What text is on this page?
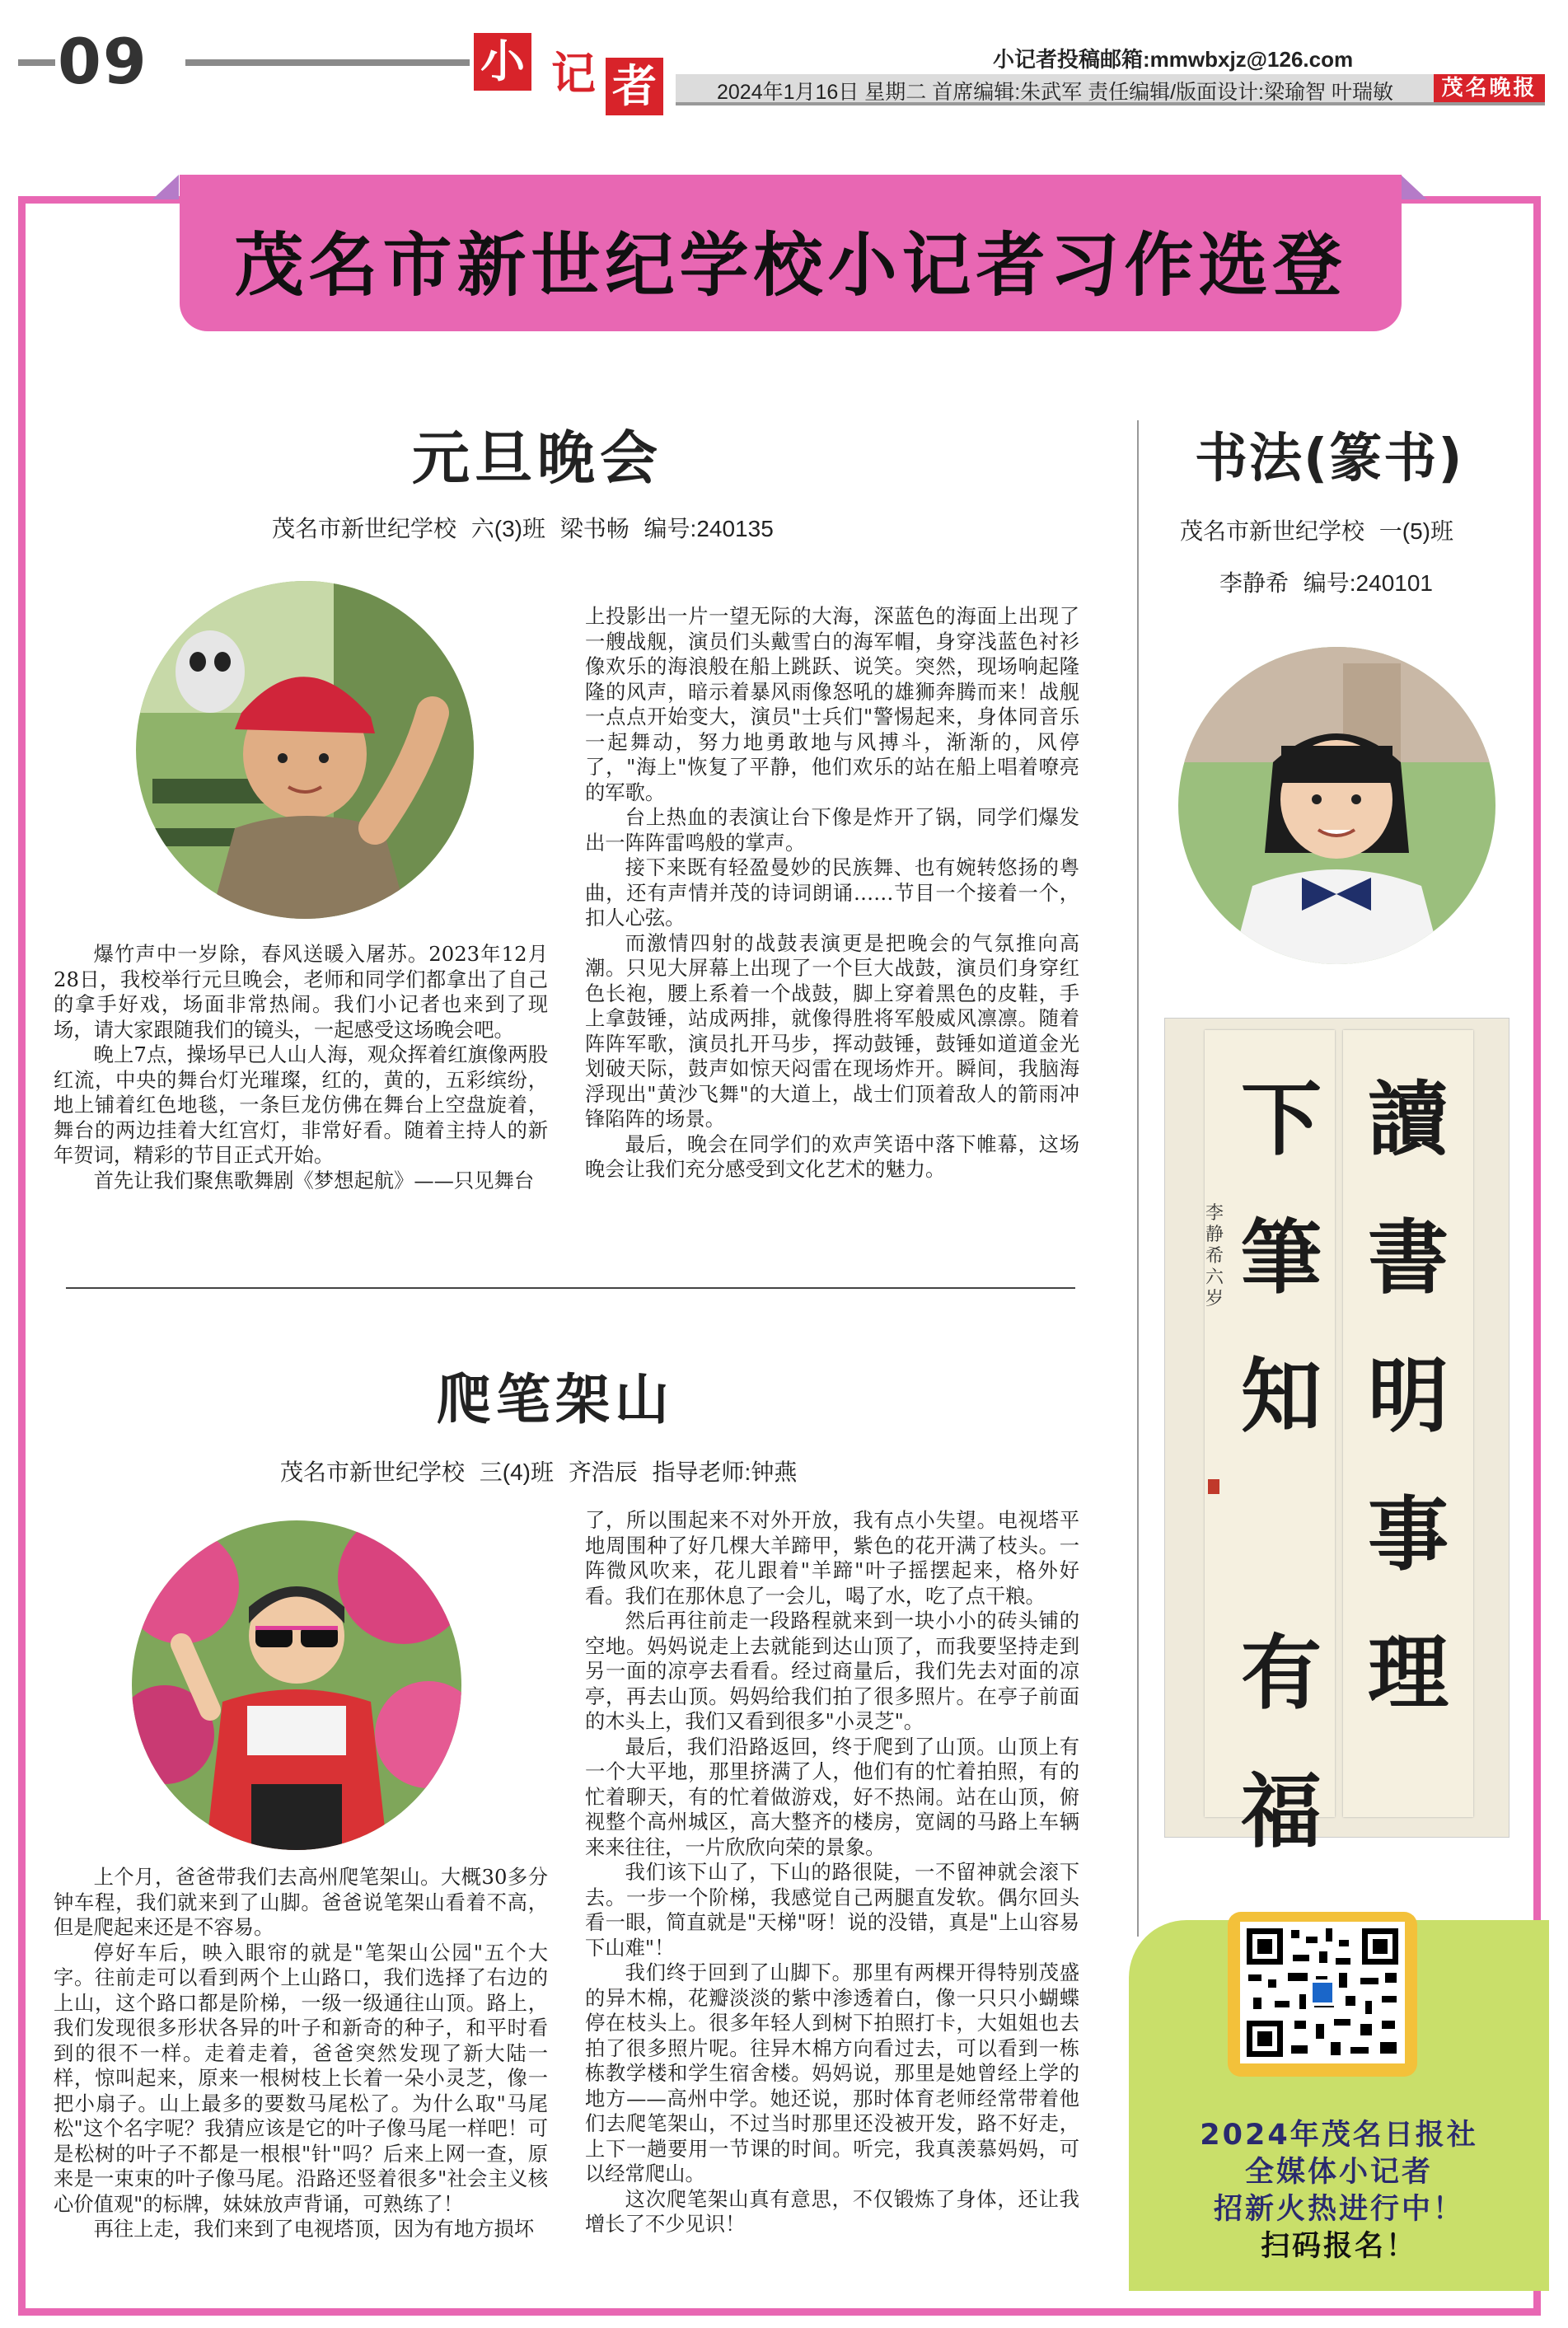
09	小 记 者
小记者投稿邮箱:mmwbxjz@126.com
2024年1月16日 星期二 首席编辑:朱武军 责任编辑/版面设计:梁瑜智 叶瑞敏	茂名晚报
茂名市新世纪学校小记者习作选登
元旦晚会
茂名市新世纪学校 六(3)班 梁书畅 编号:240135

爆竹声中一岁除，春风送暖入屠苏。2023年12月28日，我校举行元旦晚会，老师和同学们都拿出了自己的拿手好戏，场面非常热闹。我们小记者也来到了现场，请大家跟随我们的镜头，一起感受这场晚会吧。

晚上7点，操场早已人山人海，观众挥着红旗像两股红流，中央的舞台灯光璀璨，红的，黄的，五彩缤纷，地上铺着红色地毯，一条巨龙仿佛在舞台上空盘旋着，舞台的两边挂着大红宫灯，非常好看。随着主持人的新年贺词，精彩的节目正式开始。

首先让我们聚焦歌舞剧《梦想起航》——只见舞台

上投影出一片一望无际的大海，深蓝色的海面上出现了一艘战舰，演员们头戴雪白的海军帽，身穿浅蓝色衬衫像欢乐的海浪般在船上跳跃、说笑。突然，现场响起隆隆的风声，暗示着暴风雨像怒吼的雄狮奔腾而来！战舰一点点开始变大，演员"士兵们"警惕起来，身体同音乐一起舞动，努力地勇敢地与风搏斗，渐渐的，风停了，"海上"恢复了平静，他们欢乐的站在船上唱着嘹亮的军歌。

台上热血的表演让台下像是炸开了锅，同学们爆发出一阵阵雷鸣般的掌声。

接下来既有轻盈曼妙的民族舞、也有婉转悠扬的粤曲，还有声情并茂的诗词朗诵……节目一个接着一个，扣人心弦。

而激情四射的战鼓表演更是把晚会的气氛推向高潮。只见大屏幕上出现了一个巨大战鼓，演员们身穿红色长袍，腰上系着一个战鼓，脚上穿着黑色的皮鞋，手上拿鼓锤，站成两排，就像得胜将军般威风凛凛。随着阵阵军歌，演员扎开马步，挥动鼓锤，鼓锤如道道金光划破天际，鼓声如惊天闷雷在现场炸开。瞬间，我脑海浮现出"黄沙飞舞"的大道上，战士们顶着敌人的箭雨冲锋陷阵的场景。

最后，晚会在同学们的欢声笑语中落下帷幕，这场晚会让我们充分感受到文化艺术的魅力。

爬笔架山
茂名市新世纪学校 三(4)班 齐浩辰 指导老师:钟燕

上个月，爸爸带我们去高州爬笔架山。大概30多分钟车程，我们就来到了山脚。爸爸说笔架山看着不高，但是爬起来还是不容易。

停好车后，映入眼帘的就是"笔架山公园"五个大字。往前走可以看到两个上山路口，我们选择了右边的上山，这个路口都是阶梯，一级一级通往山顶。路上，我们发现很多形状各异的叶子和新奇的种子，和平时看到的很不一样。走着走着，爸爸突然发现了新大陆一样，惊叫起来，原来一根树枝上长着一朵小灵芝，像一把小扇子。山上最多的要数马尾松了。为什么取"马尾松"这个名字呢？我猜应该是它的叶子像马尾一样吧！可是松树的叶子不都是一根根"针"吗？后来上网一查，原来是一束束的叶子像马尾。沿路还竖着很多"社会主义核心价值观"的标牌，妹妹放声背诵，可熟练了！

再往上走，我们来到了电视塔顶，因为有地方损坏

了，所以围起来不对外开放，我有点小失望。电视塔平地周围种了好几棵大羊蹄甲，紫色的花开满了枝头。一阵微风吹来，花儿跟着"羊蹄"叶子摇摆起来，格外好看。我们在那休息了一会儿，喝了水，吃了点干粮。

然后再往前走一段路程就来到一块小小的砖头铺的空地。妈妈说走上去就能到达山顶了，而我要坚持走到另一面的凉亭去看看。经过商量后，我们先去对面的凉亭，再去山顶。妈妈给我们拍了很多照片。在亭子前面的木头上，我们又看到很多"小灵芝"。

最后，我们沿路返回，终于爬到了山顶。山顶上有一个大平地，那里挤满了人，他们有的忙着拍照，有的忙着聊天，有的忙着做游戏，好不热闹。站在山顶，俯视整个高州城区，高大整齐的楼房，宽阔的马路上车辆来来往往，一片欣欣向荣的景象。

我们该下山了，下山的路很陡，一不留神就会滚下去。一步一个阶梯，我感觉自己两腿直发软。偶尔回头看一眼，简直就是"天梯"呀！说的没错，真是"上山容易下山难"！

我们终于回到了山脚下。那里有两棵开得特别茂盛的异木棉，花瓣淡淡的紫中渗透着白，像一只只小蝴蝶停在枝头上。很多年轻人到树下拍照打卡，大姐姐也去拍了很多照片呢。往异木棉方向看过去，可以看到一栋栋教学楼和学生宿舍楼。妈妈说，那里是她曾经上学的地方——高州中学。她还说，那时体育老师经常带着他们去爬笔架山，不过当时那里还没被开发，路不好走，上下一趟要用一节课的时间。听完，我真羡慕妈妈，可以经常爬山。

这次爬笔架山真有意思，不仅锻炼了身体，还让我增长了不少见识！

书法(篆书)
茂名市新世纪学校 一(5)班
李静希 编号:240101
讀
書
明
事
理
下
筆
知
有
福
李静希 六岁
2024年茂名日报社
全媒体小记者
招新火热进行中！
扫码报名！
